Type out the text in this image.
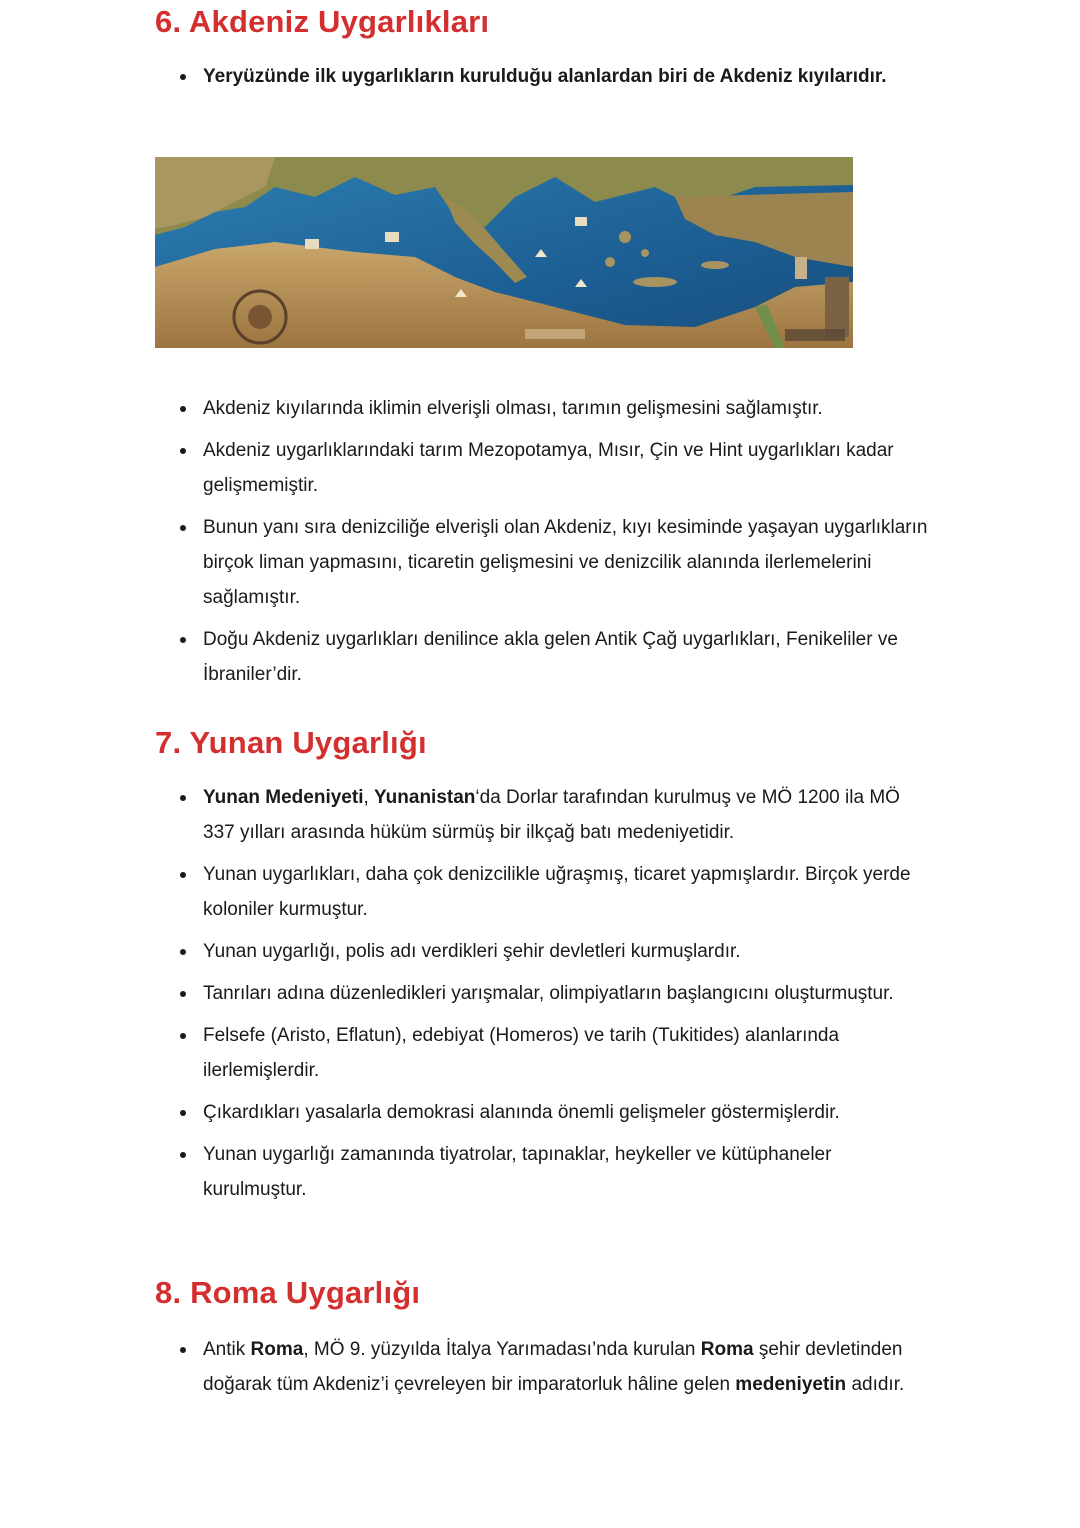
6. Akdeniz Uygarlıkları
Yeryüzünde ilk uygarlıkların kurulduğu alanlardan biri de Akdeniz kıyılarıdır.
Akdeniz kıyılarında iklimin elverişli olması, tarımın gelişmesini sağlamıştır.
Akdeniz uygarlıklarındaki tarım Mezopotamya, Mısır, Çin ve Hint uygarlıkları kadar gelişmemiştir.
Bunun yanı sıra denizciliğe elverişli olan Akdeniz, kıyı kesiminde yaşayan uygarlıkların birçok liman yapmasını, ticaretin gelişmesini ve denizcilik alanında ilerlemelerini sağlamıştır.
Doğu Akdeniz uygarlıkları denilince akla gelen Antik Çağ uygarlıkları, Fenikeliler ve İbraniler’dir.
7. Yunan Uygarlığı
Yunan Medeniyeti, Yunanistan‘da Dorlar tarafından kurulmuş ve MÖ 1200 ila MÖ 337 yılları arasında hüküm sürmüş bir ilkçağ batı medeniyetidir.
Yunan uygarlıkları, daha çok denizcilikle uğraşmış, ticaret yapmışlardır. Birçok yerde koloniler kurmuştur.
Yunan uygarlığı, polis adı verdikleri şehir devletleri kurmuşlardır.
Tanrıları adına düzenledikleri yarışmalar, olimpiyatların başlangıcını oluşturmuştur.
Felsefe (Aristo, Eflatun), edebiyat (Homeros) ve tarih (Tukitides) alanlarında ilerlemişlerdir.
Çıkardıkları yasalarla demokrasi alanında önemli gelişmeler göstermişlerdir.
Yunan uygarlığı zamanında tiyatrolar, tapınaklar, heykeller ve kütüphaneler kurulmuştur.
8. Roma Uygarlığı
Antik Roma, MÖ 9. yüzyılda İtalya Yarımadası’nda kurulan Roma şehir devletinden doğarak tüm Akdeniz’i çevreleyen bir imparatorluk hâline gelen medeniyetin adıdır.
